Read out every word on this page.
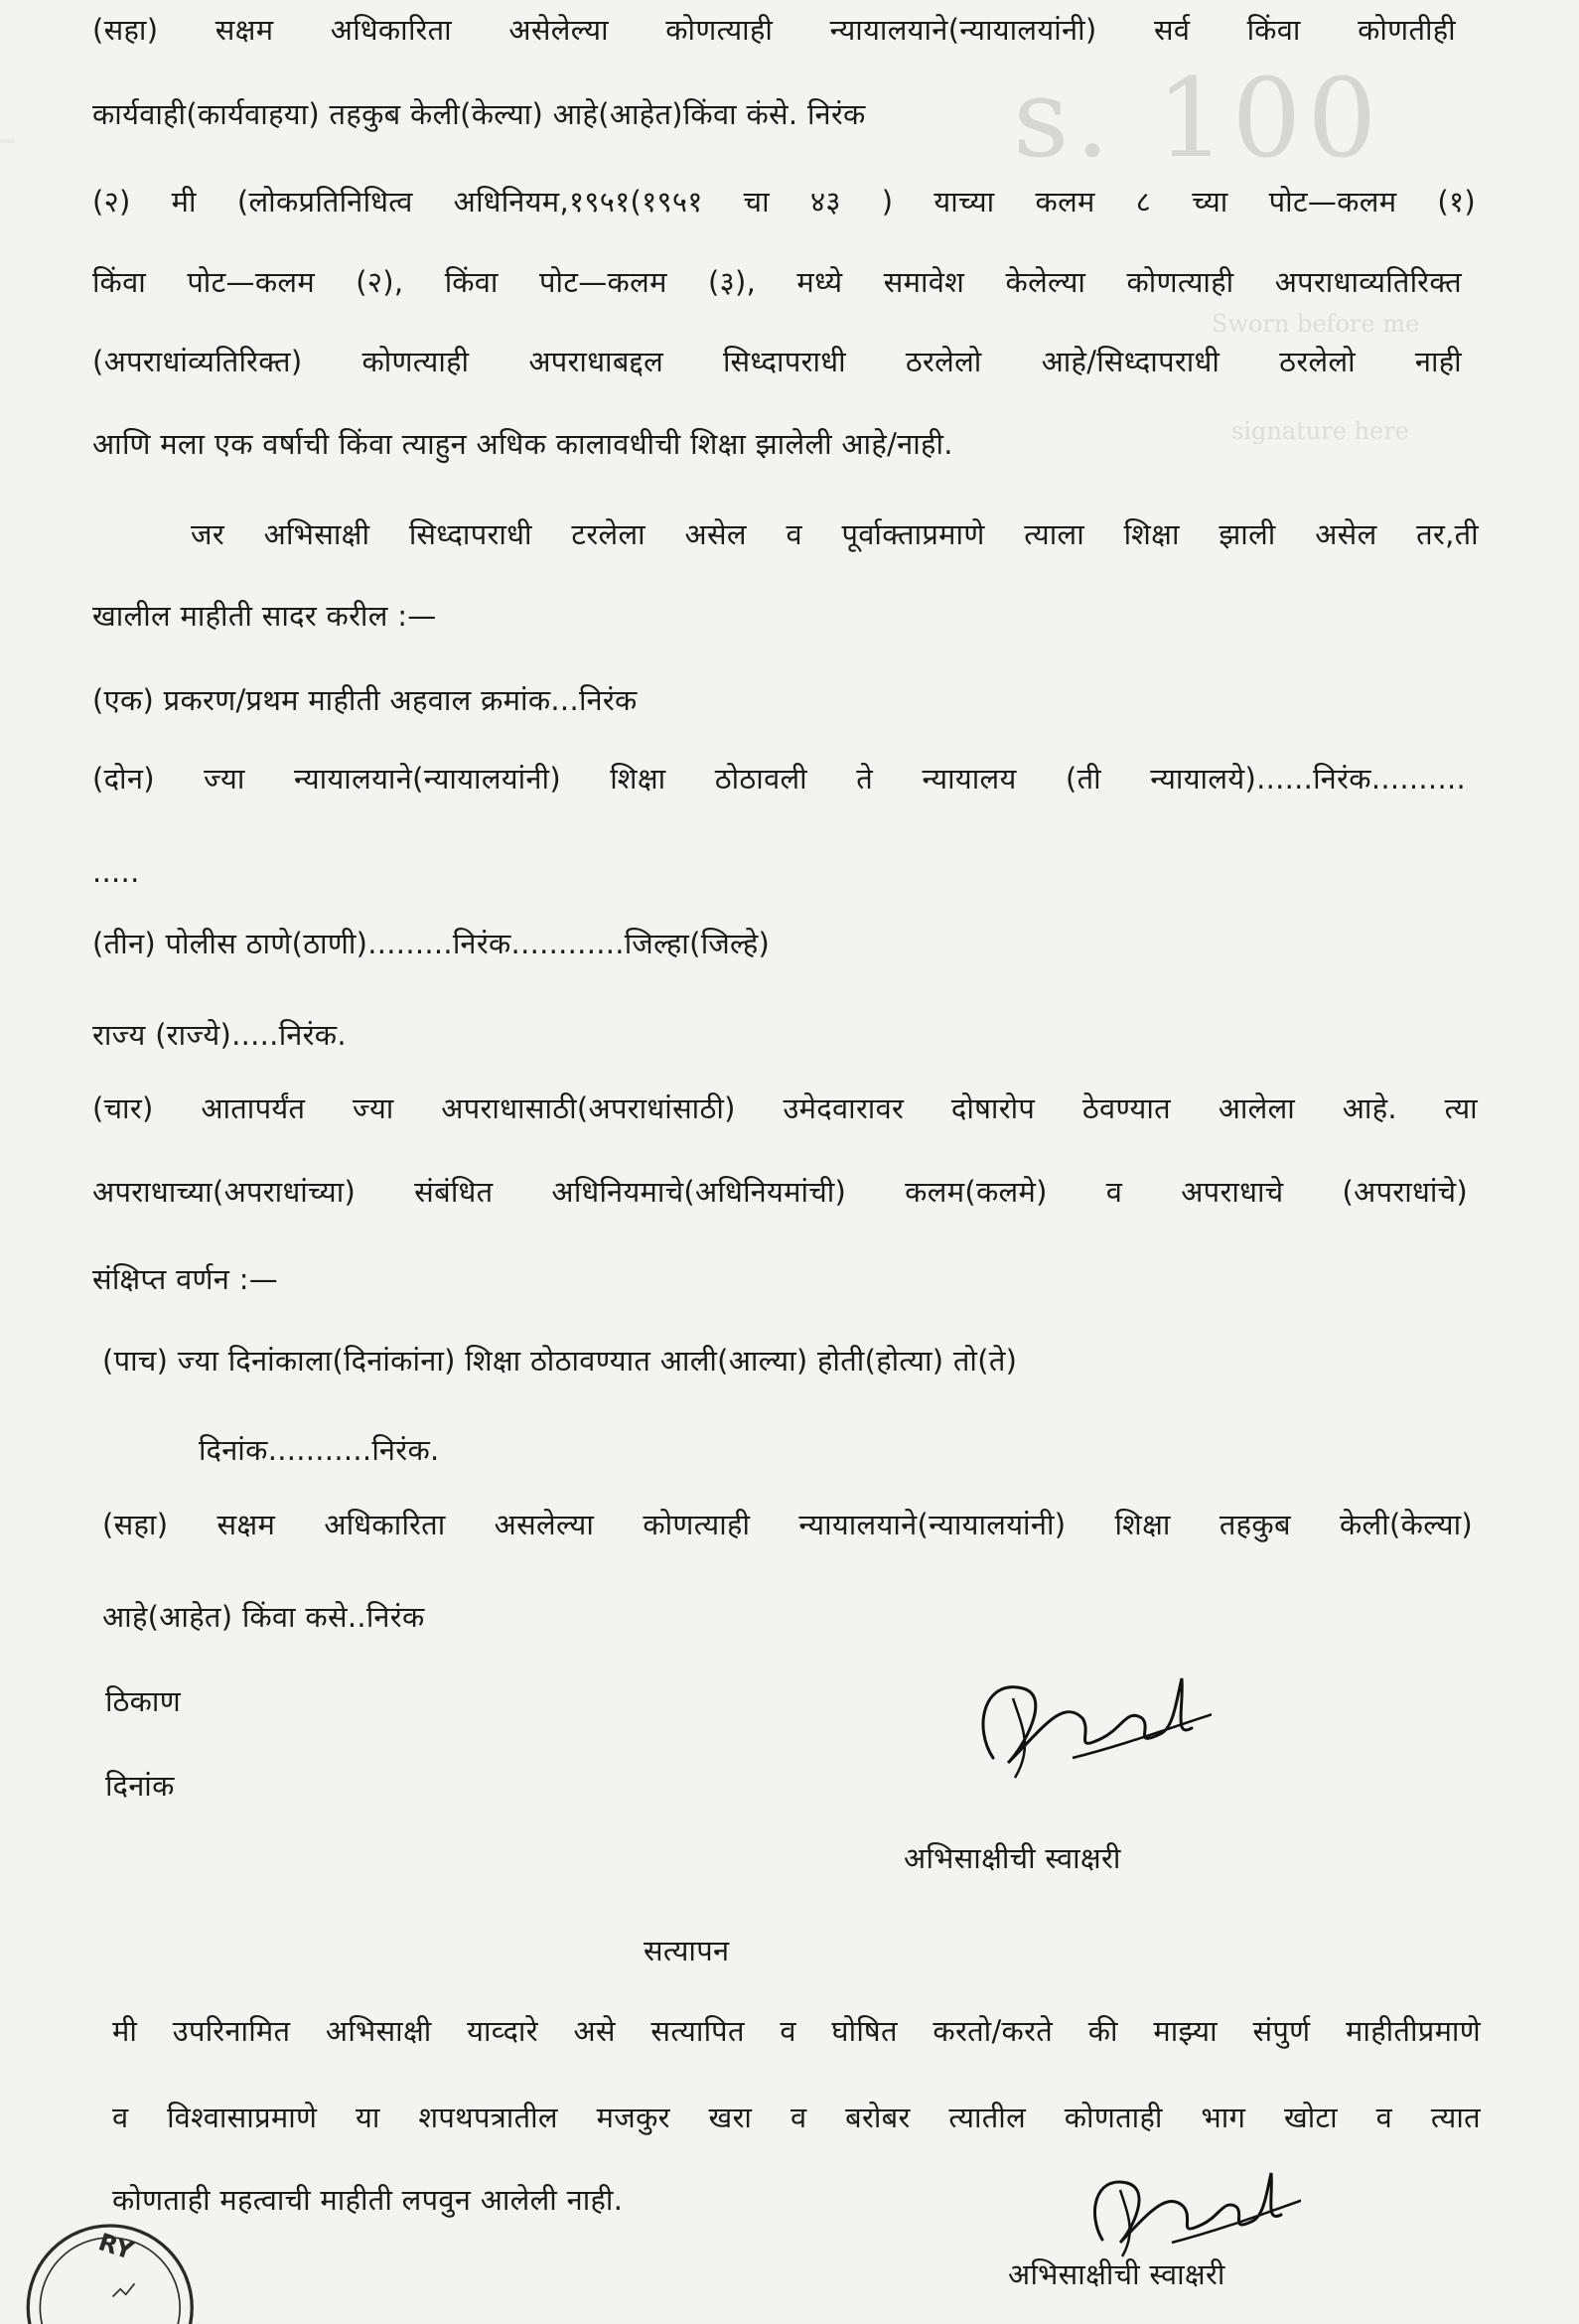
s. 100
Sworn before me
signature here
(सहा) सक्षम अधिकारिता असेलेल्या कोणत्याही न्यायालयाने(न्यायालयांनी) सर्व किंवा कोणतीही
कार्यवाही(कार्यवाहया) तहकुब केली(केल्या) आहे(आहेत)किंवा कंसे. निरंक
(२) मी (लोकप्रतिनिधित्व अधिनियम,१९५१(१९५१ चा ४३ ) याच्या कलम ८ च्या पोट—कलम (१)
किंवा पोट—कलम (२), किंवा पोट—कलम (३), मध्ये समावेश केलेल्या कोणत्याही अपराधाव्यतिरिक्त
(अपराधांव्यतिरिक्त) कोणत्याही अपराधाबद्दल सिध्दापराधी ठरलेलो आहे/सिध्दापराधी ठरलेलो नाही
आणि मला एक वर्षाची किंवा त्याहुन अधिक कालावधीची शिक्षा झालेली आहे/नाही.
जर अभिसाक्षी सिध्दापराधी टरलेला असेल व पूर्वाक्ताप्रमाणे त्याला शिक्षा झाली असेल तर,ती
खालील माहीती सादर करील :—
(एक) प्रकरण/प्रथम माहीती अहवाल क्रमांक...निरंक
(दोन) ज्या न्यायालयाने(न्यायालयांनी) शिक्षा ठोठावली ते न्यायालय (ती न्यायालये)......निरंक..........
.....
(तीन) पोलीस ठाणे(ठाणी).........निरंक............जिल्हा(जिल्हे)
राज्य (राज्ये).....निरंक.
(चार) आतापर्यंत ज्या अपराधासाठी(अपराधांसाठी) उमेदवारावर दोषारोप ठेवण्यात आलेला आहे. त्या
अपराधाच्या(अपराधांच्या) संबंधित अधिनियमाचे(अधिनियमांची) कलम(कलमे) व अपराधाचे (अपराधांचे)
संक्षिप्त वर्णन :—
(पाच) ज्या दिनांकाला(दिनांकांना) शिक्षा ठोठावण्यात आली(आल्या) होती(होत्या) तो(ते)
दिनांक...........निरंक.
(सहा) सक्षम अधिकारिता असलेल्या कोणत्याही न्यायालयाने(न्यायालयांनी) शिक्षा तहकुब केली(केल्या)
आहे(आहेत) किंवा कसे..निरंक
ठिकाण
दिनांक
अभिसाक्षीची स्वाक्षरी
सत्यापन
मी उपरिनामित अभिसाक्षी याव्दारे असे सत्यापित व घोषित करतो/करते की माझ्या संपुर्ण माहीतीप्रमाणे
व विश्वासाप्रमाणे या शपथपत्रातील मजकुर खरा व बरोबर त्यातील कोणताही भाग खोटा व त्यात
कोणताही महत्वाची माहीती लपवुन आलेली नाही.
अभिसाक्षीची स्वाक्षरी
RY
